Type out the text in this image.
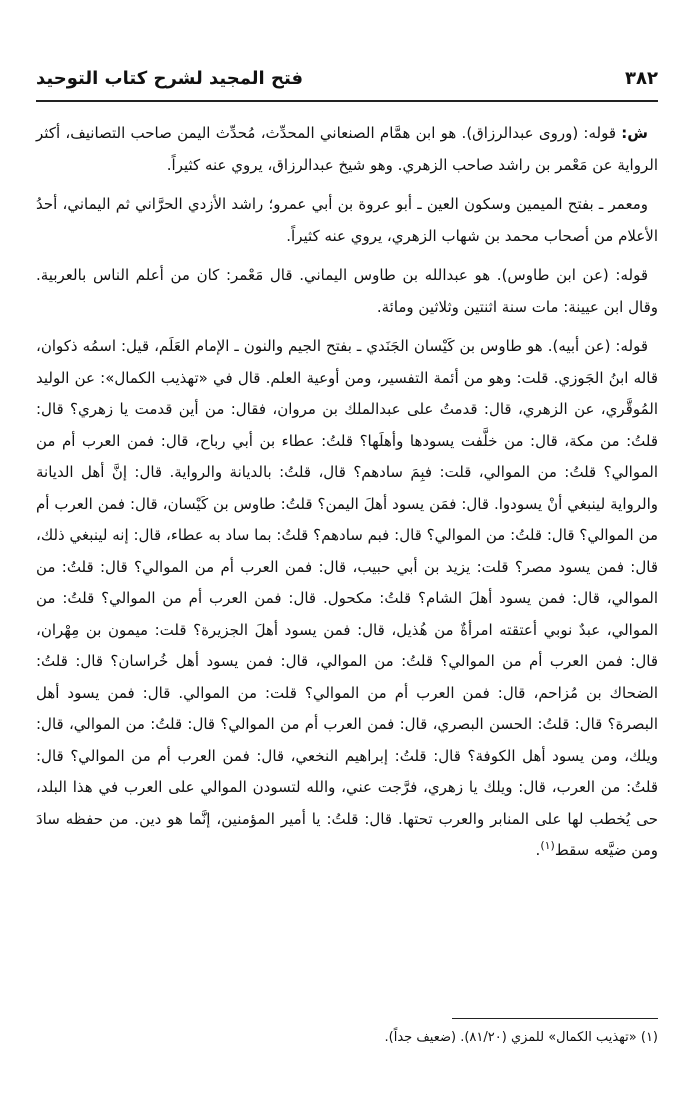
٣٨٢
فتح المجيد لشرح كتاب التوحيد

ش: قوله: (وروى عبدالرزاق). هو ابن همَّام الصنعاني المحدِّث، مُحدِّث اليمن صاحب التصانيف، أكثر الرواية عن مَعْمر بن راشد صاحب الزهري. وهو شيخ عبدالرزاق، يروي عنه كثيراً.

ومعمر ـ بفتح الميمين وسكون العين ـ أبو عروة بن أبي عمرو؛ راشد الأزدي الحرَّاني ثم اليماني، أحدُ الأعلام من أصحاب محمد بن شهاب الزهري، يروي عنه كثيراً.

قوله: (عن ابن طاوس). هو عبدالله بن طاوس اليماني. قال مَعْمر: كان من أعلم الناس بالعربية. وقال ابن عيينة: مات سنة اثنتين وثلاثين ومائة.

قوله: (عن أبيه). هو طاوس بن كَيْسان الجَنَدي ـ بفتح الجيم والنون ـ الإمام العَلَم، قيل: اسمُه ذكوان، قاله ابنُ الجَوزي. قلت: وهو من أئمة التفسير، ومن أوعية العلم. قال في «تهذيب الكمال»: عن الوليد المُوقَّري، عن الزهري، قال: قدمتُ على عبدالملك بن مروان، فقال: من أين قدمت يا زهري؟ قال: قلتُ: من مكة، قال: من خلَّفت يسودها وأهلَها؟ قلتُ: عطاء بن أبي رباح، قال: فمن العرب أم من الموالي؟ قلتُ: من الموالي، قلت: فبِمَ سادهم؟ قال، قلتُ: بالديانة والرواية. قال: إنَّ أهل الديانة والرواية لينبغي أنْ يسودوا. قال: فمَن يسود أهلَ اليمن؟ قلتُ: طاوس بن كَيْسان، قال: فمن العرب أم من الموالي؟ قال: قلتُ: من الموالي؟ قال: فبم سادهم؟ قلتُ: بما ساد به عطاء، قال: إنه لينبغي ذلك، قال: فمن يسود مصر؟ قلت: يزيد بن أبي حبيب، قال: فمن العرب أم من الموالي؟ قال: قلتُ: من الموالي، قال: فمن يسود أهلَ الشام؟ قلتُ: مكحول. قال: فمن العرب أم من الموالي؟ قلتُ: من الموالي، عبدٌ نوبي أعتقته امرأةٌ من هُذيل، قال: فمن يسود أهلَ الجزيرة؟ قلت: ميمون بن مِهْران، قال: فمن العرب أم من الموالي؟ قلتُ: من الموالي، قال: فمن يسود أهل خُراسان؟ قال: قلتُ: الضحاك بن مُزاحم، قال: فمن العرب أم من الموالي؟ قلت: من الموالي. قال: فمن يسود أهل البصرة؟ قال: قلتُ: الحسن البصري، قال: فمن العرب أم من الموالي؟ قال: قلتُ: من الموالي، قال: ويلك، ومن يسود أهل الكوفة؟ قال: قلتُ: إبراهيم النخعي، قال: فمن العرب أم من الموالي؟ قال: قلتُ: من العرب، قال: ويلك يا زهري، فرَّجت عني، والله لتسودن الموالي على العرب في هذا البلد، حى يُخطب لها على المنابر والعرب تحتها. قال: قلتُ: يا أمير المؤمنين، إنَّما هو دين. من حفظه سادَ ومن ضيَّعه سقط$^{(١)}$.

(١) «تهذيب الكمال» للمزي (٨١/٢٠). (ضعيف جداً).
